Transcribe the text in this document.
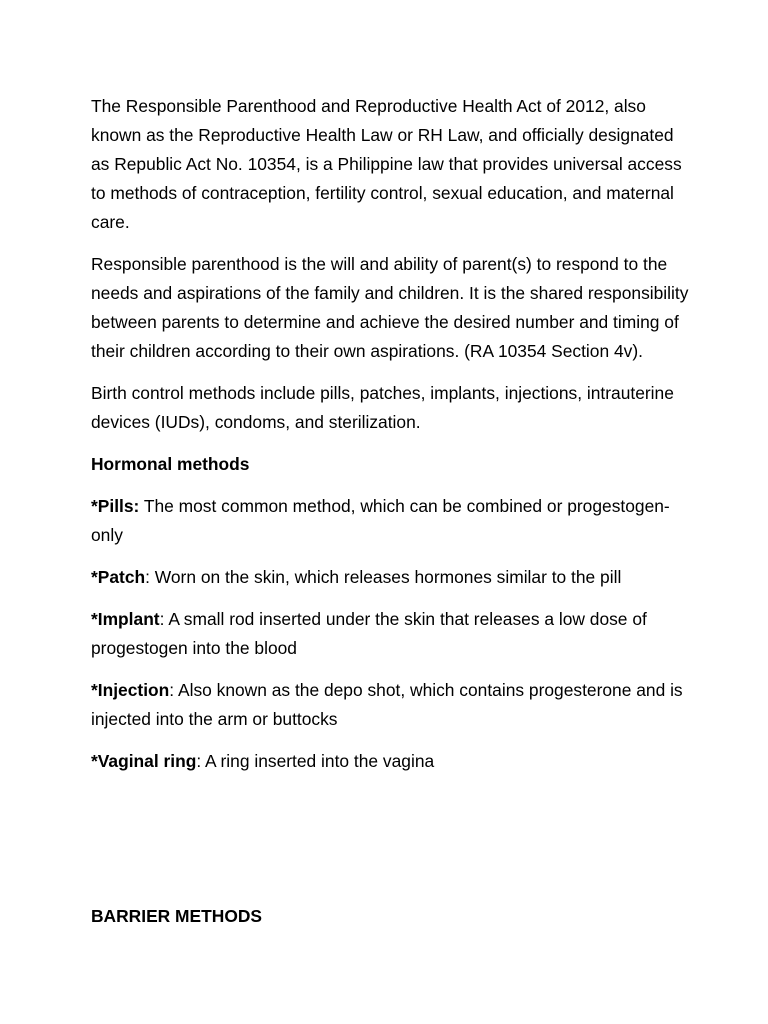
The Responsible Parenthood and Reproductive Health Act of 2012, also known as the Reproductive Health Law or RH Law, and officially designated as Republic Act No. 10354, is a Philippine law that provides universal access to methods of contraception, fertility control, sexual education, and maternal care.

Responsible parenthood is the will and ability of parent(s) to respond to the needs and aspirations of the family and children. It is the shared responsibility between parents to determine and achieve the desired number and timing of their children according to their own aspirations. (RA 10354 Section 4v).

Birth control methods include pills, patches, implants, injections, intrauterine devices (IUDs), condoms, and sterilization.

Hormonal methods

*Pills: The most common method, which can be combined or progestogen-only

*Patch: Worn on the skin, which releases hormones similar to the pill

*Implant: A small rod inserted under the skin that releases a low dose of progestogen into the blood

*Injection: Also known as the depo shot, which contains progesterone and is injected into the arm or buttocks

*Vaginal ring: A ring inserted into the vagina

BARRIER METHODS
